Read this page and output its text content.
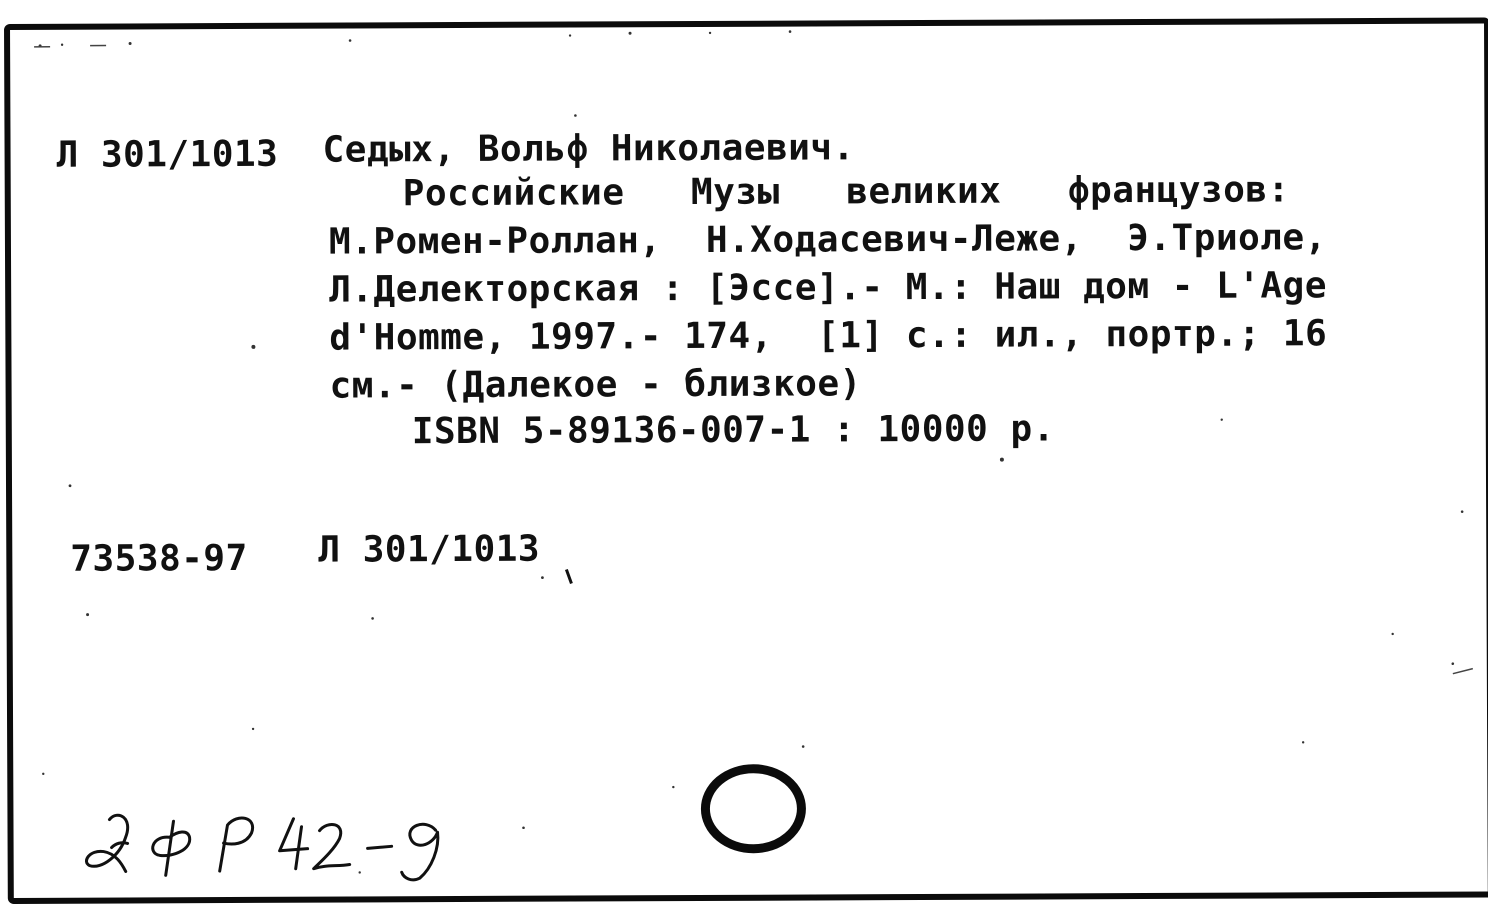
Л 301/1013 Седых, Вольф Николаевич.
Российские   Музы   великих   французов:
М.Ромен-Роллан,  Н.Ходасевич-Леже,  Э.Триоле,
Л.Делекторская : [Эссе].- М.: Наш дом - L'Age
d'Homme, 1997.- 174,  [1] с.: ил., портр.; 16
см.- (Далекое - близкое)
ISBN 5-89136-007-1 : 10000 р.
73538-97 Л 301/1013
